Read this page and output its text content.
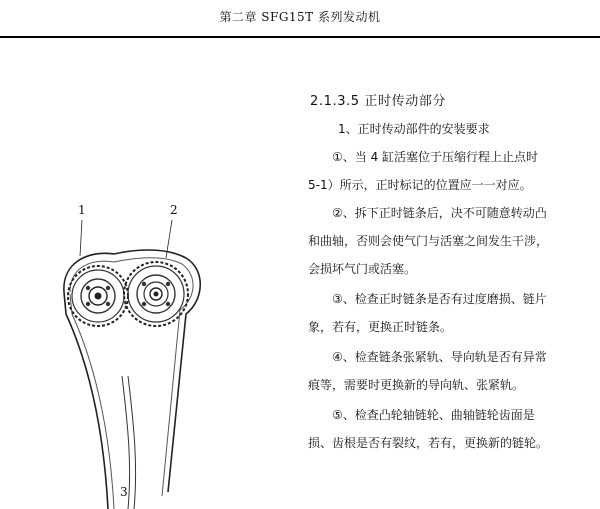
第二章 SFG15T 系列发动机
1	2
3
2.1.3.5 正时传动部分
1、正时传动部件的安装要求
①、当 4 缸活塞位于压缩行程上止点时
5-1）所示，正时标记的位置应一一对应。
②、拆下正时链条后，决不可随意转动凸
和曲轴，否则会使气门与活塞之间发生干涉，
会损坏气门或活塞。
③、检查正时链条是否有过度磨损、链片
象，若有，更换正时链条。
④、检查链条张紧轨、导向轨是否有异常
痕等，需要时更换新的导向轨、张紧轨。
⑤、检查凸轮轴链轮、曲轴链轮齿面是
损、齿根是否有裂纹，若有，更换新的链轮。
